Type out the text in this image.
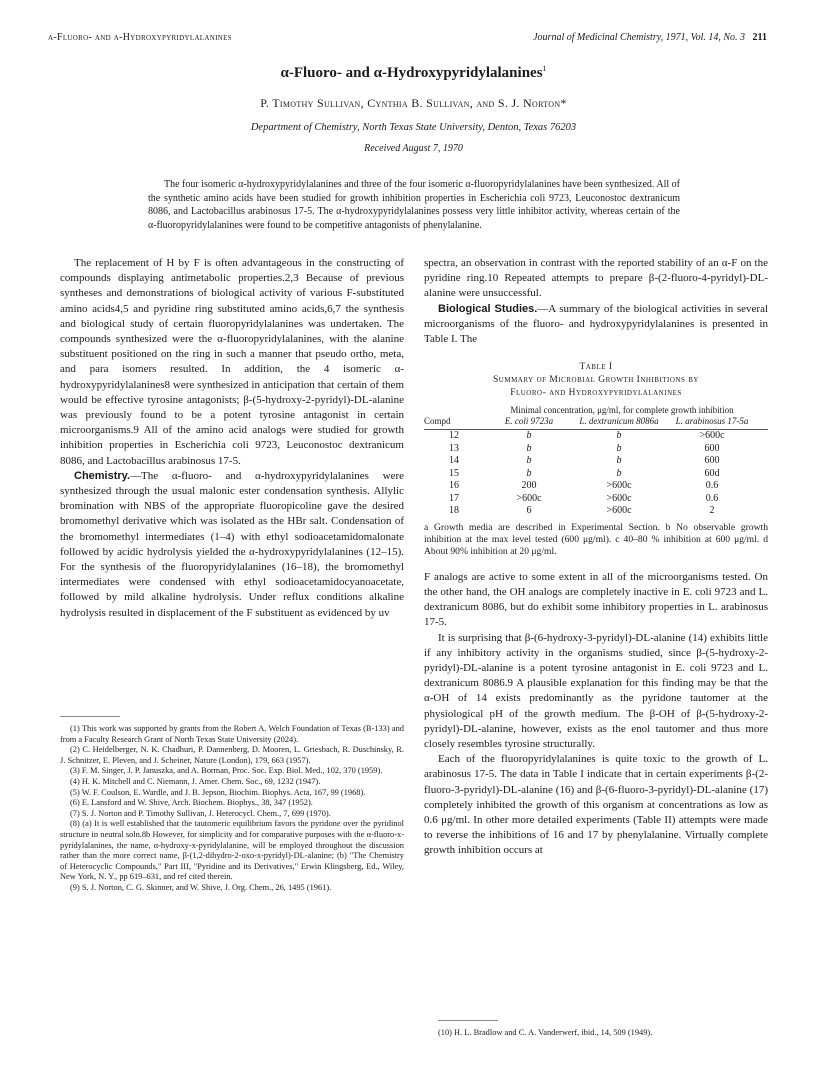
α-Fluoro- and α-Hydroxypyridylalanines	Journal of Medicinal Chemistry, 1971, Vol. 14, No. 3 211
α-Fluoro- and α-Hydroxypyridylalanines$^1$
P. Timothy Sullivan, Cynthia B. Sullivan, and S. J. Norton*
Department of Chemistry, North Texas State University, Denton, Texas 76203
Received August 7, 1970
The four isomeric α-hydroxypyridylalanines and three of the four isomeric α-fluoropyridylalanines have been synthesized. All of the synthetic amino acids have been studied for growth inhibition properties in Escherichia coli 9723, Leuconostoc dextranicum 8086, and Lactobacillus arabinosus 17-5. The α-hydroxypyridylalanines possess very little inhibitor activity, whereas certain of the α-fluoropyridylalanines were found to be competitive antagonists of phenylalanine.

The replacement of H by F is often advantageous in the constructing of compounds displaying antimetabolic properties.2,3 Because of previous syntheses and demonstrations of biological activity of various F-substituted amino acids4,5 and pyridine ring substituted amino acids,6,7 the synthesis and biological study of certain fluoropyridylalanines was undertaken. The compounds synthesized were the α-fluoropyridylalanines, with the alanine substituent positioned on the ring in such a manner that pseudo ortho, meta, and para isomers resulted. In addition, the 4 isomeric α-hydroxypyridylalanines8 were synthesized in anticipation that certain of them would be effective tyrosine antagonists; β-(5-hydroxy-2-pyridyl)-DL-alanine was previously found to be a potent tyrosine antagonist in certain microorganisms.9 All of the amino acid analogs were studied for growth inhibition properties in Escherichia coli 9723, Leuconostoc dextranicum 8086, and Lactobacillus arabinosus 17-5.

Chemistry.—The α-fluoro- and α-hydroxypyridylalanines were synthesized through the usual malonic ester condensation synthesis. Allylic bromination with NBS of the appropriate fluoropicoline gave the desired bromomethyl derivative which was isolated as the HBr salt. Condensation of the bromomethyl intermediates (1–4) with ethyl sodioacetamidomalonate followed by acidic hydrolysis yielded the α-hydroxypyridylalanines (12–15). For the synthesis of the fluoropyridylalanines (16–18), the bromomethyl intermediates were condensed with ethyl sodioacetamidocyanoacetate, followed by mild alkaline hydrolysis. Under reflux conditions alkaline hydrolysis resulted in displacement of the F substituent as evidenced by uv

(1) This work was supported by grants from the Robert A. Welch Foundation of Texas (B-133) and from a Faculty Research Grant of North Texas State University (2024).

(2) C. Heidelberger, N. K. Chadhuri, P. Dannenberg, D. Mooren, L. Griesbach, R. Duschinsky, R. J. Schnitzer, E. Pleven, and J. Scheiner, Nature (London), 179, 663 (1957).

(3) F. M. Singer, J. P. Januszka, and A. Borman, Proc. Soc. Exp. Biol. Med., 102, 370 (1959).

(4) H. K. Mitchell and C. Niemann, J. Amer. Chem. Soc., 69, 1232 (1947).

(5) W. F. Coulson, E. Wardle, and J. B. Jepson, Biochim. Biophys. Acta, 167, 99 (1968).

(6) E. Lansford and W. Shive, Arch. Biochem. Biophys., 38, 347 (1952).

(7) S. J. Norton and P. Timothy Sullivan, J. Heterocycl. Chem., 7, 699 (1970).

(8) (a) It is well established that the tautomeric equilibrium favors the pyridone over the pyridinol structure in neutral soln.8b However, for simplicity and for comparative purposes with the α-fluoro-x-pyridylalanines, the name, α-hydroxy-x-pyridylalanine, will be employed throughout the discussion rather than the more correct name, β-(1,2-dihydro-2-oxo-x-pyridyl)-DL-alanine; (b) "The Chemistry of Heterocyclic Compounds," Part III, "Pyridine and its Derivatives," Erwin Klingsberg, Ed., Wiley, New York, N. Y., pp 619–631, and ref cited therein.

(9) S. J. Norton, C. G. Skinner, and W. Shive, J. Org. Chem., 26, 1495 (1961).

spectra, an observation in contrast with the reported stability of an α-F on the pyridine ring.10 Repeated attempts to prepare β-(2-fluoro-4-pyridyl)-DL-alanine were unsuccessful.

Biological Studies.—A summary of the biological activities in several microorganisms of the fluoro- and hydroxypyridylalanines is presented in Table I. The

Table I
Summary of Microbial Growth Inhibitions by
Fluoro- and Hydroxypyridylalanines
Minimal concentration, μg/ml, for complete growth inhibition
Compd	E. coli 9723a	L. dextranicum 8086a	L. arabinosus 17-5a
12	b	b	>600c
13	b	b	600
14	b	b	600
15	b	b	60d
16	200	>600c	0.6
17	>600c	>600c	0.6
18	6	>600c	2
a Growth media are described in Experimental Section. b No observable growth inhibition at the max level tested (600 μg/ml). c 40–80 % inhibition at 600 μg/ml. d About 90% inhibition at 20 μg/ml.

F analogs are active to some extent in all of the microorganisms tested. On the other hand, the OH analogs are completely inactive in E. coli 9723 and L. dextranicum 8086, but do exhibit some inhibitory properties in L. arabinosus 17-5.

It is surprising that β-(6-hydroxy-3-pyridyl)-DL-alanine (14) exhibits little if any inhibitory activity in the organisms studied, since β-(5-hydroxy-2-pyridyl)-DL-alanine is a potent tyrosine antagonist in E. coli 9723 and L. dextranicum 8086.9 A plausible explanation for this finding may be that the α-OH of 14 exists predominantly as the pyridone tautomer at the physiological pH of the growth medium. The β-OH of β-(5-hydroxy-2-pyridyl)-DL-alanine, however, exists as the enol tautomer and thus more closely resembles tyrosine structurally.

Each of the fluoropyridylalanines is quite toxic to the growth of L. arabinosus 17-5. The data in Table I indicate that in certain experiments β-(2-fluoro-3-pyridyl)-DL-alanine (16) and β-(6-fluoro-3-pyridyl)-DL-alanine (17) completely inhibited the growth of this organism at concentrations as low as 0.6 μg/ml. In other more detailed experiments (Table II) attempts were made to reverse the inhibitions of 16 and 17 by phenylalanine. Virtually complete growth inhibition occurs at

(10) H. L. Bradlow and C. A. Vanderwerf, ibid., 14, 509 (1949).
